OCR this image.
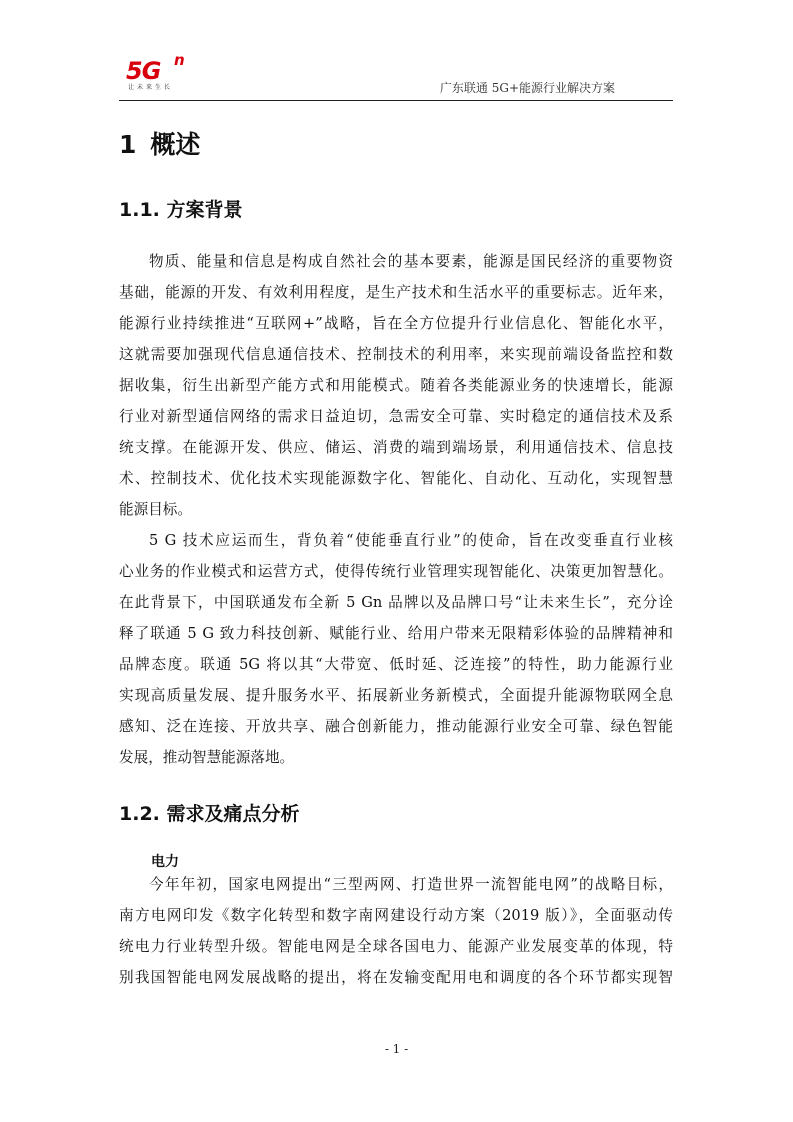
5G n
让未来生长	广东联通 5G+能源行业解决方案
1 概述
1.1. 方案背景
物质、能量和信息是构成自然社会的基本要素，能源是国民经济的重要物资
基础，能源的开发、有效利用程度，是生产技术和生活水平的重要标志。近年来，
能源行业持续推进“互联网+”战略，旨在全方位提升行业信息化、智能化水平，
这就需要加强现代信息通信技术、控制技术的利用率，来实现前端设备监控和数
据收集，衍生出新型产能方式和用能模式。随着各类能源业务的快速增长，能源
行业对新型通信网络的需求日益迫切，急需安全可靠、实时稳定的通信技术及系
统支撑。在能源开发、供应、储运、消费的端到端场景，利用通信技术、信息技
术、控制技术、优化技术实现能源数字化、智能化、自动化、互动化，实现智慧
能源目标。
5 G 技术应运而生，背负着“使能垂直行业”的使命，旨在改变垂直行业核
心业务的作业模式和运营方式，使得传统行业管理实现智能化、决策更加智慧化。
在此背景下，中国联通发布全新 5 Gn 品牌以及品牌口号“让未来生长”，充分诠
释了联通 5 G 致力科技创新、赋能行业、给用户带来无限精彩体验的品牌精神和
品牌态度。联通 5G 将以其“大带宽、低时延、泛连接”的特性，助力能源行业
实现高质量发展、提升服务水平、拓展新业务新模式，全面提升能源物联网全息
感知、泛在连接、开放共享、融合创新能力，推动能源行业安全可靠、绿色智能
发展，推动智慧能源落地。
1.2. 需求及痛点分析
电力
今年年初，国家电网提出“三型两网、打造世界一流智能电网”的战略目标，
南方电网印发《数字化转型和数字南网建设行动方案（2019 版）》，全面驱动传
统电力行业转型升级。智能电网是全球各国电力、能源产业发展变革的体现，特
别我国智能电网发展战略的提出，将在发输变配用电和调度的各个环节都实现智
- 1 -
